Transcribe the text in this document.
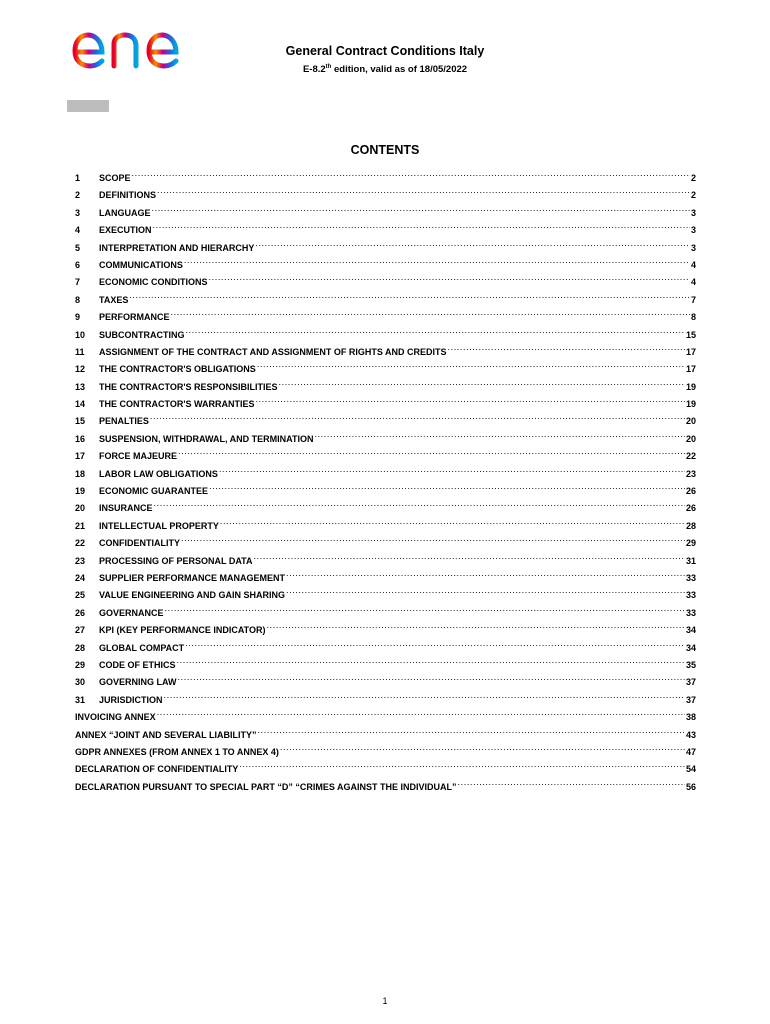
General Contract Conditions Italy
E-8.2th edition, valid as of 18/05/2022
CONTENTS
1	SCOPE .....	2
2	DEFINITIONS .....	2
3	LANGUAGE .....	3
4	EXECUTION .....	3
5	INTERPRETATION AND HIERARCHY .....	3
6	COMMUNICATIONS .....	4
7	ECONOMIC CONDITIONS .....	4
8	TAXES .....	7
9	PERFORMANCE .....	8
10	SUBCONTRACTING .....	15
11	ASSIGNMENT OF THE CONTRACT AND ASSIGNMENT OF RIGHTS AND CREDITS .....	17
12	THE CONTRACTOR'S OBLIGATIONS .....	17
13	THE CONTRACTOR'S RESPONSIBILITIES .....	19
14	THE CONTRACTOR'S WARRANTIES .....	19
15	PENALTIES .....	20
16	SUSPENSION, WITHDRAWAL, AND TERMINATION .....	20
17	FORCE MAJEURE .....	22
18	LABOR LAW OBLIGATIONS .....	23
19	ECONOMIC GUARANTEE .....	26
20	INSURANCE .....	26
21	INTELLECTUAL PROPERTY .....	28
22	CONFIDENTIALITY .....	29
23	PROCESSING OF PERSONAL DATA .....	31
24	SUPPLIER PERFORMANCE MANAGEMENT .....	33
25	VALUE ENGINEERING AND GAIN SHARING .....	33
26	GOVERNANCE .....	33
27	KPI (KEY PERFORMANCE INDICATOR) .....	34
28	GLOBAL COMPACT .....	34
29	CODE OF ETHICS .....	35
30	GOVERNING LAW .....	37
31	JURISDICTION .....	37
INVOICING ANNEX .....	38
ANNEX “JOINT AND SEVERAL LIABILITY” .....	43
GDPR ANNEXES (FROM ANNEX 1 TO ANNEX 4) .....	47
DECLARATION OF CONFIDENTIALITY .....	54
DECLARATION PURSUANT TO SPECIAL PART “D” “CRIMES AGAINST THE INDIVIDUAL” .....	56
1
